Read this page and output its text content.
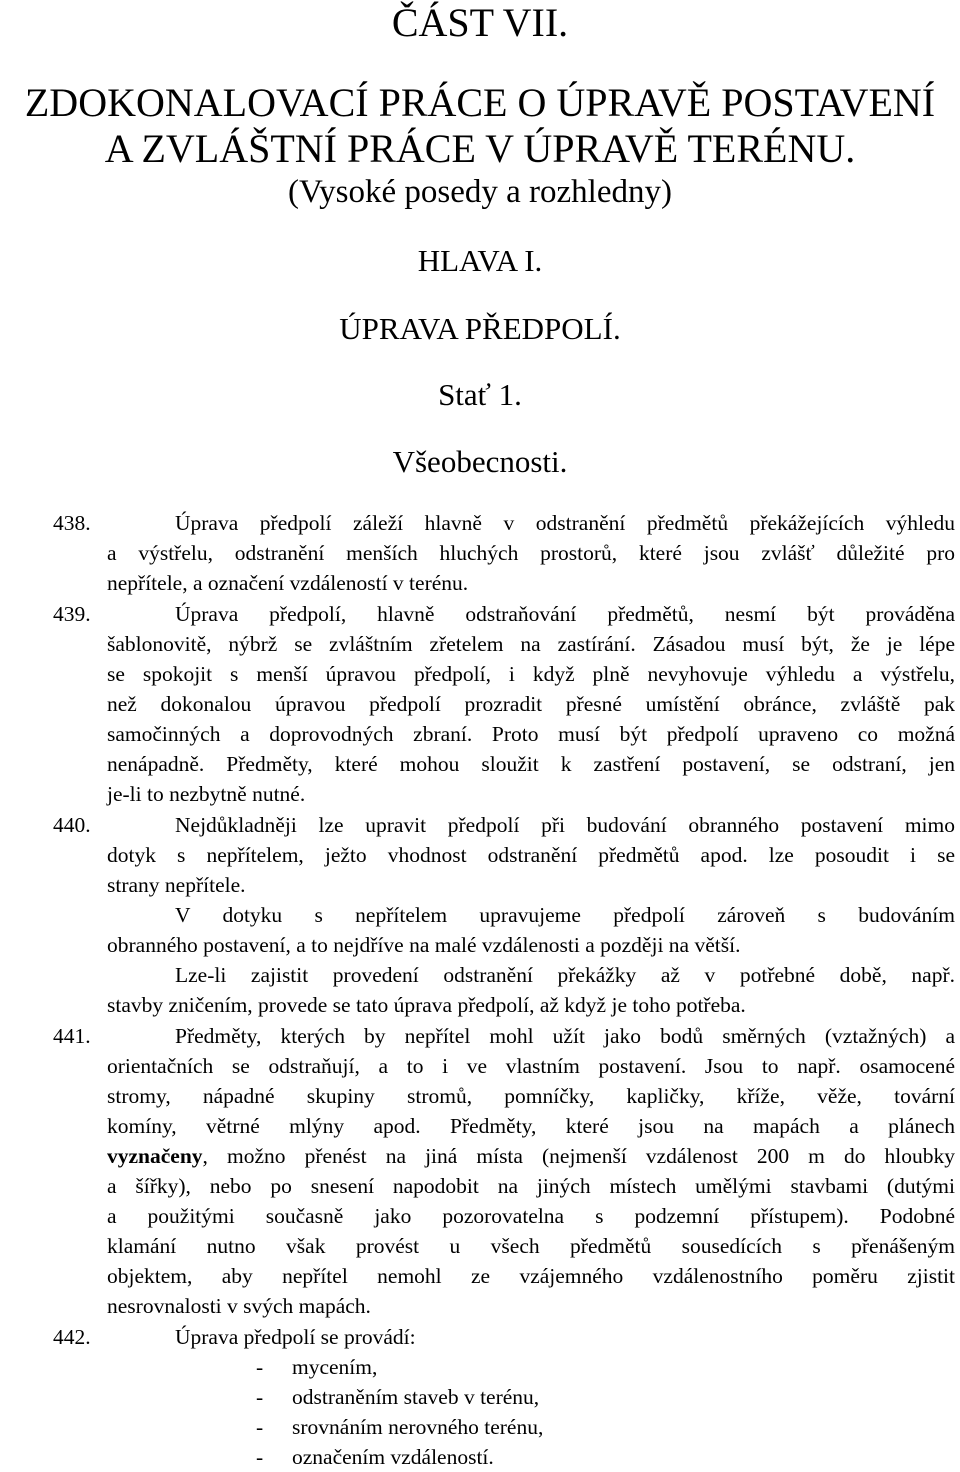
ČÁST VII.
ZDOKONALOVACÍ PRÁCE O ÚPRAVĚ POSTAVENÍ
A ZVLÁŠTNÍ PRÁCE V ÚPRAVĚ TERÉNU.
(Vysoké posedy a rozhledny)
HLAVA I.
ÚPRAVA PŘEDPOLÍ.
Stať 1.
Všeobecnosti.
438.	Úprava předpolí záleží hlavně v odstranění předmětů překážejících výhledu
a výstřelu, odstranění menších hluchých prostorů, které jsou zvlášť důležité pro
nepřítele, a označení vzdáleností v terénu.
439.	Úprava předpolí, hlavně odstraňování předmětů, nesmí být prováděna
šablonovitě, nýbrž se zvláštním zřetelem na zastírání. Zásadou musí být, že je lépe
se spokojit s menší úpravou předpolí, i když plně nevyhovuje výhledu a výstřelu,
než dokonalou úpravou předpolí prozradit přesné umístění obránce, zvláště pak
samočinných a doprovodných zbraní. Proto musí být předpolí upraveno co možná
nenápadně. Předměty, které mohou sloužit k zastření postavení, se odstraní, jen
je-li to nezbytně nutné.
440.	Nejdůkladněji lze upravit předpolí při budování obranného postavení mimo
dotyk s nepřítelem, ježto vhodnost odstranění předmětů apod. lze posoudit i se
strany nepřítele.
V dotyku s nepřítelem upravujeme předpolí zároveň s budováním
obranného postavení, a to nejdříve na malé vzdálenosti a později na větší.
Lze-li zajistit provedení odstranění překážky až v potřebné době, např.
stavby zničením, provede se tato úprava předpolí, až když je toho potřeba.
441.	Předměty, kterých by nepřítel mohl užít jako bodů směrných (vztažných) a
orientačních se odstraňují, a to i ve vlastním postavení. Jsou to např. osamocené
stromy, nápadné skupiny stromů, pomníčky, kapličky, kříže, věže, tovární
komíny, větrné mlýny apod. Předměty, které jsou na mapách a plánech
vyznačeny, možno přenést na jiná místa (nejmenší vzdálenost 200 m do hloubky
a šířky), nebo po snesení napodobit na jiných místech umělými stavbami (dutými
a použitými současně jako pozorovatelna s podzemní přístupem). Podobné
klamání nutno však provést u všech předmětů sousedících s přenášeným
objektem, aby nepřítel nemohl ze vzájemného vzdálenostního poměru zjistit
nesrovnalosti v svých mapách.
442.	Úprava předpolí se provádí:
- mycením,
- odstraněním staveb v terénu,
- srovnáním nerovného terénu,
- označením vzdáleností.
